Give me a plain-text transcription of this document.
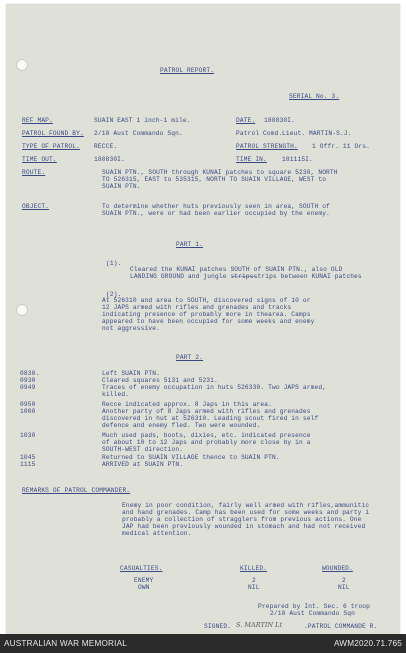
PATROL REPORT.
SERIAL No. 3.
REF MAP.	SUAIN EAST 1 inch-1 mile.	DATE. 180830I.
PATROL FOUND BY. 2/10 Aust Commando Sqn.	Patrol Comd. Lieut. MARTIN-S.J.
TYPE OF PATROL. RECCE.	PATROL STRENGTH. 1 Offr. 11 Ors.
TIME OUT.	180830I.	TIME IN. 181115I.
ROUTE.	SUAIN PTN., SOUTH through KUNAI patches to square 5230, NORTH
TO 526315, EAST to 535315, NORTH TO SUAIN VILLAGE, WEST to
SUAIN PTN.
OBJECT.	To determine whether huts previously seen in area, SOUTH of
SUAIN PTN., were or had been earlier occupied by the enemy.
PART 1.
(1).
Cleared the KUNAI patches SOUTH of SUAIN PTN., also OLD
LANDING GROUND and jungle s̶t̶r̶i̶p̶s̶strips between KUNAI patches
(2).
At 526310 and area to SOUTH, discovered signs of 10 or
12 JAPS armed with rifles and grenades and tracks
indicating presence of probably more in thearea. Camps
appeared to have been occupied for some weeks and enemy
not aggressive.
PART 2.
0830.	Left SUAIN PTN.
0930	Cleared squares 5131 and 5231.
0949	Traces of enemy occupation in huts 526330. Two JAPS armed,
killed.
0950	Recce indicated approx. 8 Japs in this area.
1000	Another party of 8 Japs armed with rifles and grenades
discovered in hut at 526310. Leading scout fired in self
defence and enemy fled. Two were wounded.
1030	Much used pads, boots, dixies, etc. indicated presence
of about 10 to 12 Japs and probably more close by in a
SOUTH-WEST direction.
1045	Returned to SUAIN VILLAGE thence to SUAIN PTN.
1115	ARRIVED at SUAIN PTN.
REMARKS OF PATROL COMMANDER.
Enemy in poor condition, fairly well armed with rifles,ammunitic
and hand grenades. Camp has been used for some weeks and party i
probably a collection of stragglers from previous actions. One
JAP had been previously wounded in stomach and had not received
medical attention.
CASUALTIES.	KILLED.	WOUNDED.
ENEMY	2	2
OWN	NIL	NIL
Prepared by Int. Sec. 6 troop
2/10 Aust Commando Sqn
SIGNED. S. MARTIN Lt	.PATROL COMMANDE R.
AUSTRALIAN WAR MEMORIAL	AWM2020.71.765
